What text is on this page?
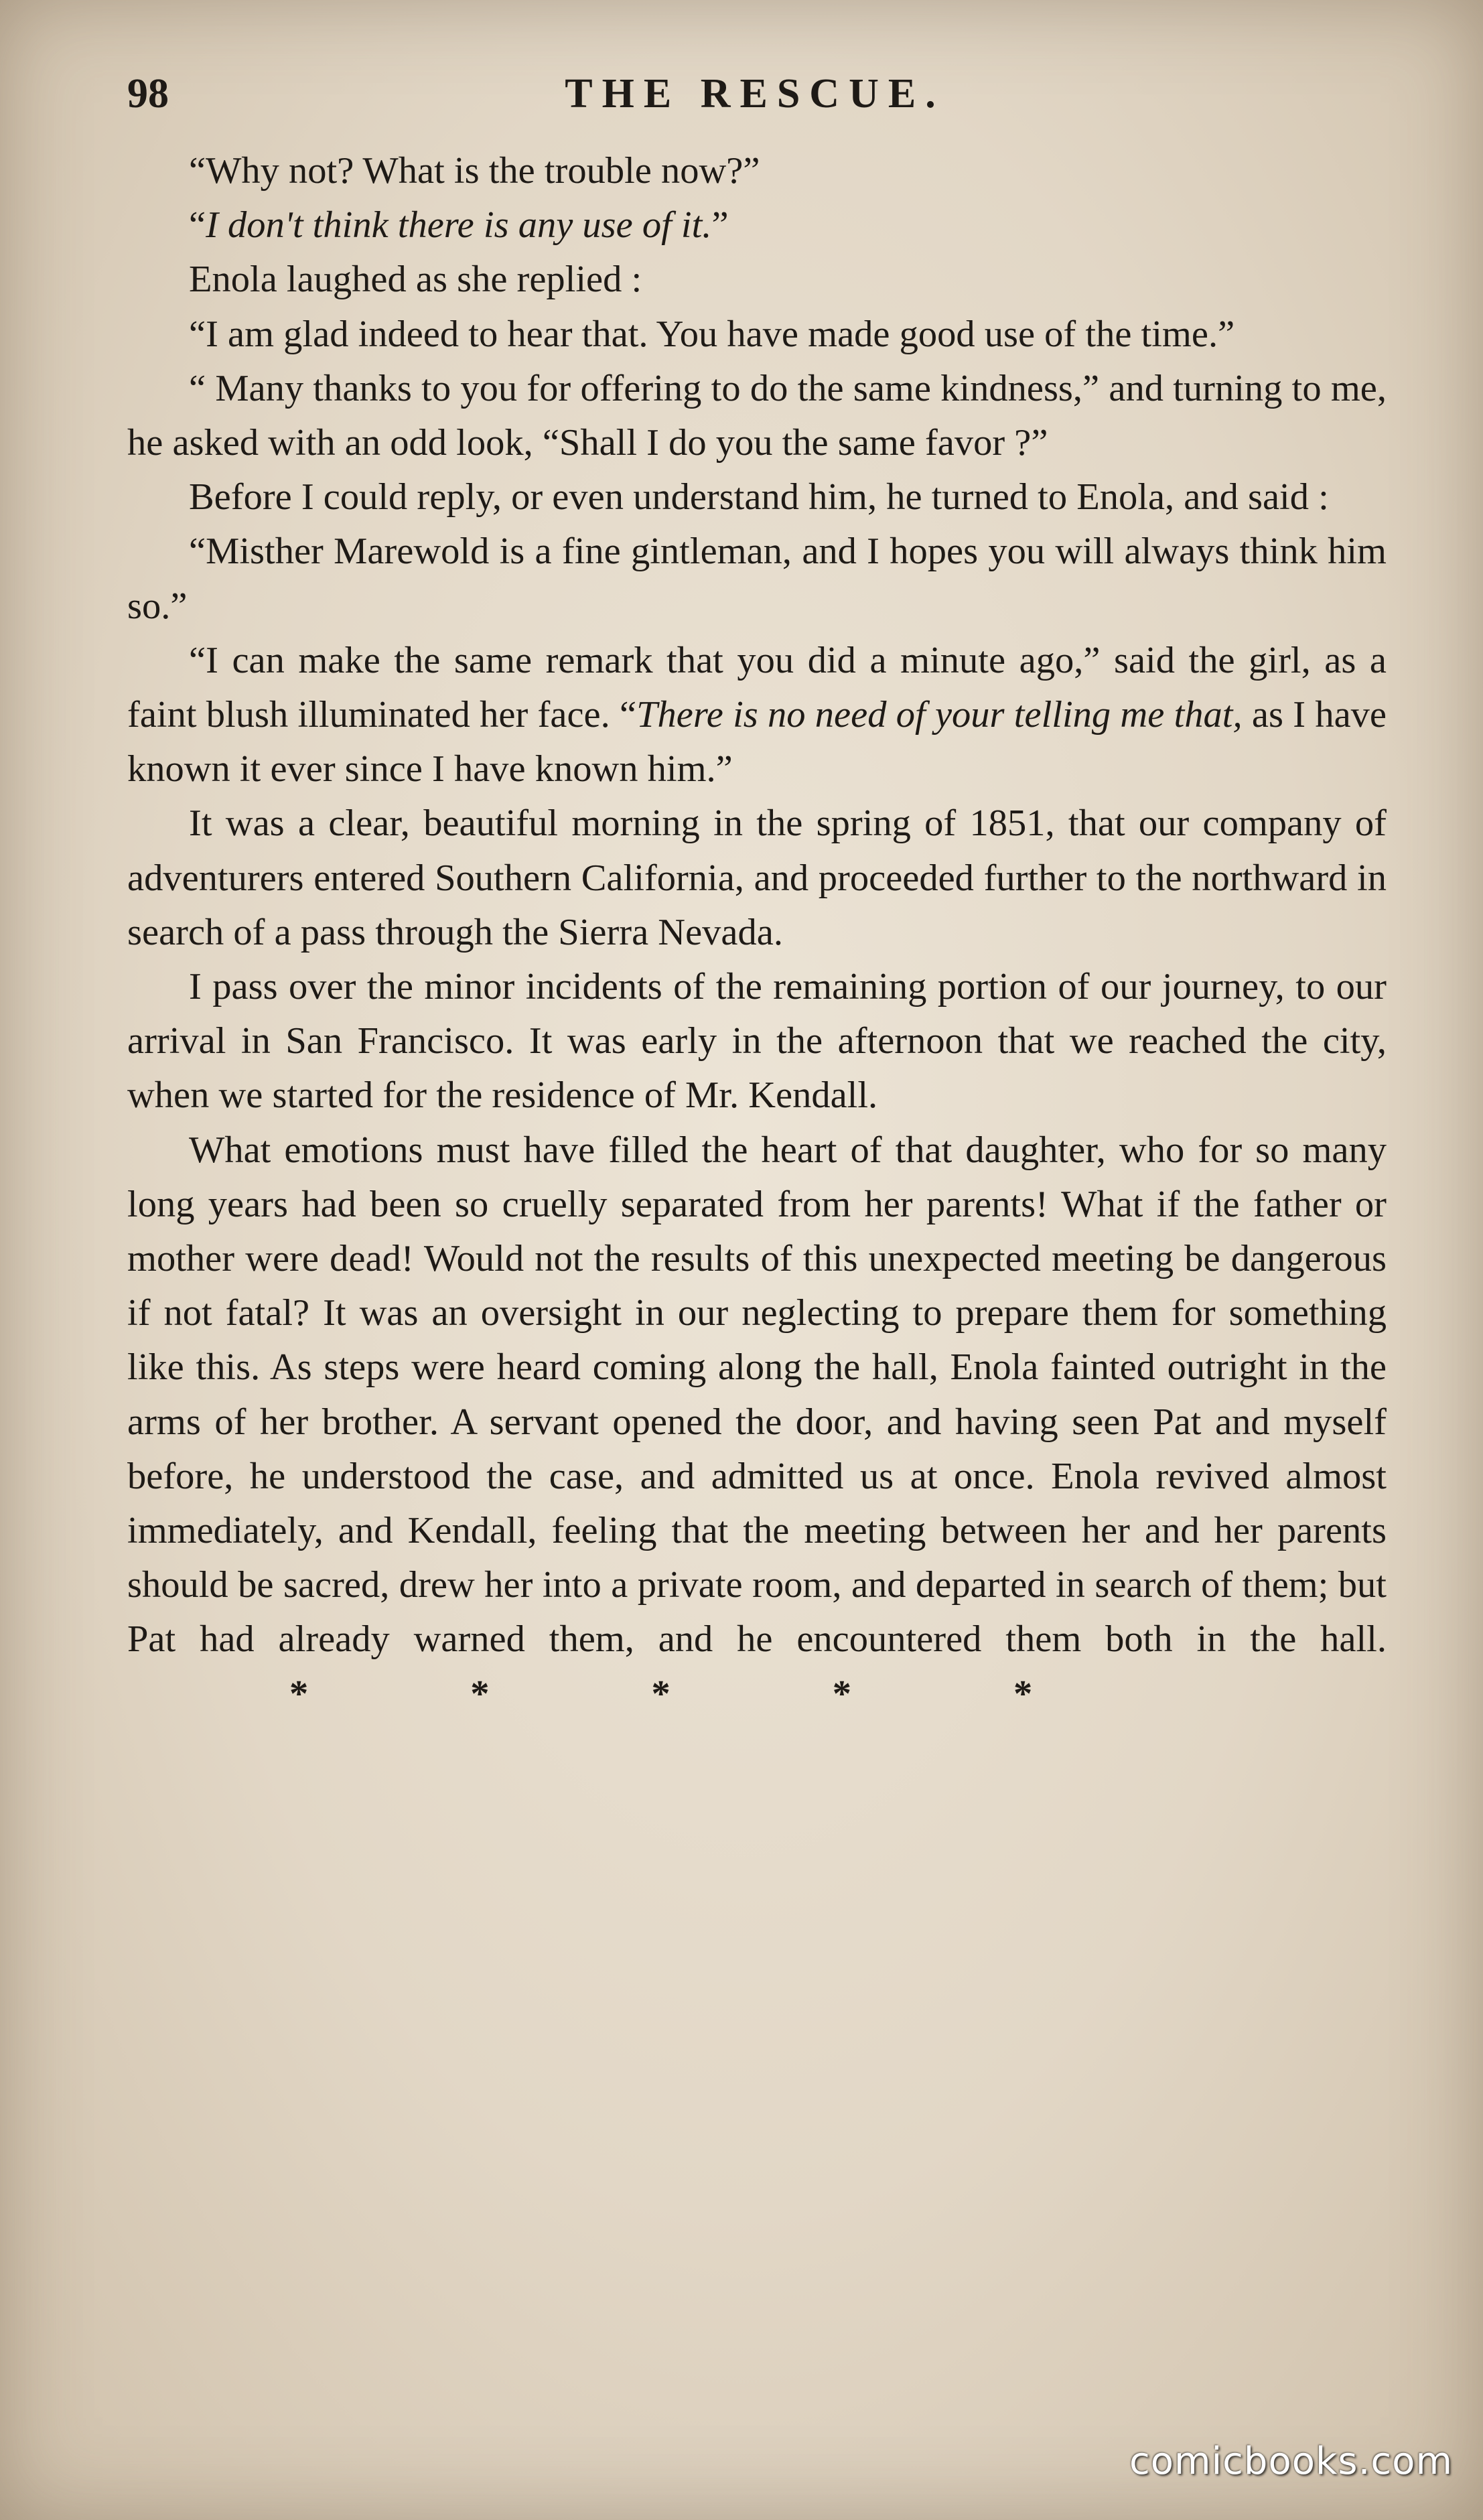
98	THE RESCUE.

“Why not? What is the trouble now?”

“I don't think there is any use of it.”

Enola laughed as she replied :

“I am glad indeed to hear that. You have made good use of the time.”

“ Many thanks to you for offering to do the same kindness,” and turning to me, he asked with an odd look, “Shall I do you the same favor ?”

Before I could reply, or even understand him, he turned to Enola, and said :

“Misther Marewold is a fine gintleman, and I hopes you will always think him so.”

“I can make the same remark that you did a minute ago,” said the girl, as a faint blush illuminated her face. “There is no need of your telling me that, as I have known it ever since I have known him.”

It was a clear, beautiful morning in the spring of 1851, that our company of adventurers entered Southern California, and proceeded further to the northward in search of a pass through the Sierra Nevada.

I pass over the minor incidents of the remaining portion of our journey, to our arrival in San Francisco. It was early in the afternoon that we reached the city, when we started for the residence of Mr. Kendall.

What emotions must have filled the heart of that daughter, who for so many long years had been so cruelly separated from her parents! What if the father or mother were dead! Would not the results of this unexpected meeting be dangerous if not fatal? It was an oversight in our neglecting to prepare them for something like this. As steps were heard coming along the hall, Enola fainted outright in the arms of her brother. A servant opened the door, and having seen Pat and myself before, he understood the case, and admitted us at once. Enola revived almost immediately, and Kendall, feeling that the meeting between her and her parents should be sacred, drew her into a private room, and departed in search of them; but Pat had already warned them, and he encountered them both in the hall.*	*	*	*	*

comicbooks.com
